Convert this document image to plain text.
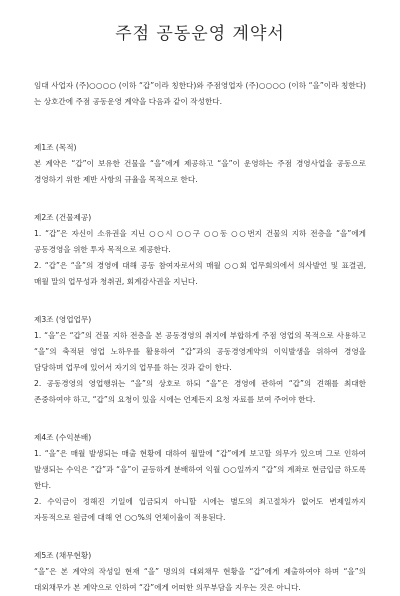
주점 공동운영 계약서

임대 사업자 (주)○○○○ (이하 “갑”이라 칭한다)와 주점영업자 (주)○○○○ (이하 “을”이라 칭한다)는 상호간에 주점 공동운영 계약을 다음과 같이 작성한다.

제1조 (목적)

본 계약은 “갑”이 보유한 건물을 “을”에게 제공하고 “을”이 운영하는 주점 경영사업을 공동으로 경영하기 위한 제반 사항의 규율을 목적으로 한다.

제2조 (건물제공)

1. “갑”은 자신이 소유권을 지닌 ○○시 ○○구 ○○동 ○○번지 건물의 지하 전층을 “을”에게 공동경영을 위한 투자 목적으로 제공한다.

2. “갑”은 “을”의 경영에 대해 공동 참여자로서의 매월 ○○회 업무회의에서 의사발언 및 표결권, 매월 말의 업무성과 청취권, 회계감사권을 지닌다.

제3조 (영업업무)

1. “을”은 “갑”의 건물 지하 전층을 본 공동경영의 취지에 부합하게 주점 영업의 목적으로 사용하고 “을”의 축적된 영업 노하우를 활용하여 “갑”과의 공동경영계약의 이익발생을 위하여 경영을 담당하며 업무에 있어서 자기의 업무를 하는 것과 같이 한다.

2. 공동경영의 영업행위는 “을”의 상호로 하되 “을”은 경영에 관하여 “갑”의 견해를 최대한 존중하여야 하고, “갑”의 요청이 있을 시에는 언제든지 요청 자료를 보여 주어야 한다.

제4조 (수익분배)

1. “을”은 매월 발생되는 매출 현황에 대하여 월말에 “갑”에게 보고할 의무가 있으며 그로 인하여 발생되는 수익은 “갑”과 “을”이 균등하게 분배하여 익월 ○○일까지 “갑”의 계좌로 현금입금 하도록 한다.

2. 수익금이 정해진 기일에 입금되지 아니할 시에는 별도의 최고절차가 없어도 변제일까지 자동적으로 원금에 대해 연 ○○%의 연체이율이 적용된다.

제5조 (채무현황)

“을”은 본 계약의 작성일 현재 “을” 명의의 대외채무 현황을 “갑”에게 제출하여야 하며 “을”의 대외채무가 본 계약으로 인하여 “갑”에게 어떠한 의무부담을 지우는 것은 아니다.
